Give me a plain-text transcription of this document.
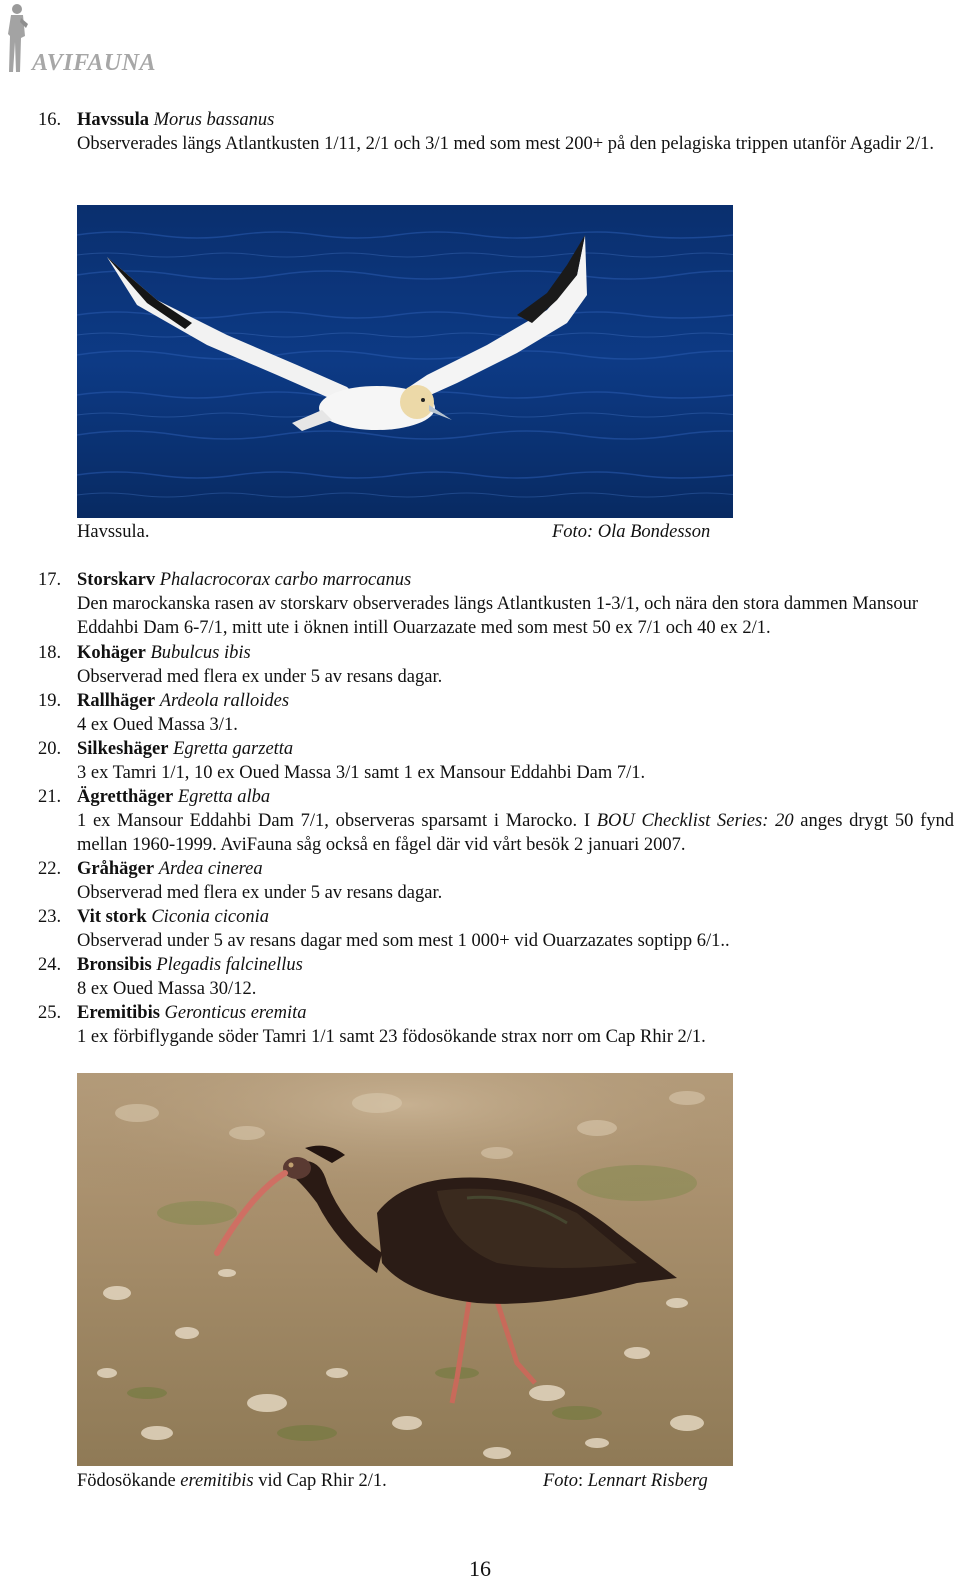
AVIFAUNA
16. Havssula Morus bassanus
Observerades längs Atlantkusten 1/11, 2/1 och 3/1 med som mest 200+ på den pelagiska trippen utanför Agadir 2/1.
Havssula.	Foto: Ola Bondesson
17. Storskarv Phalacrocorax carbo marrocanus
Den marockanska rasen av storskarv observerades längs Atlantkusten 1-3/1, och nära den stora dammen Mansour Eddahbi Dam 6-7/1, mitt ute i öknen intill Ouarzazate med som mest 50 ex 7/1 och 40 ex 2/1.
18. Kohäger Bubulcus ibis
Observerad med flera ex under 5 av resans dagar.
19. Rallhäger Ardeola ralloides
4 ex Oued Massa 3/1.
20. Silkeshäger Egretta garzetta
3 ex Tamri 1/1, 10 ex Oued Massa 3/1 samt 1 ex Mansour Eddahbi Dam 7/1.
21. Ägretthäger Egretta alba

1 ex Mansour Eddahbi Dam 7/1, observeras sparsamt i Marocko. I BOU Checklist Series: 20 anges drygt 50 fynd mellan 1960-1999. AviFauna såg också en fågel där vid vårt besök 2 januari 2007.
22. Gråhäger Ardea cinerea
Observerad med flera ex under 5 av resans dagar.
23. Vit stork Ciconia ciconia
Observerad under 5 av resans dagar med som mest 1 000+ vid Ouarzazates soptipp 6/1..
24. Bronsibis Plegadis falcinellus
8 ex Oued Massa 30/12.
25. Eremitibis Geronticus eremita
1 ex förbiflygande söder Tamri 1/1 samt 23 födosökande strax norr om Cap Rhir 2/1.
Födosökande eremitibis vid Cap Rhir 2/1.	Foto: Lennart Risberg
16
